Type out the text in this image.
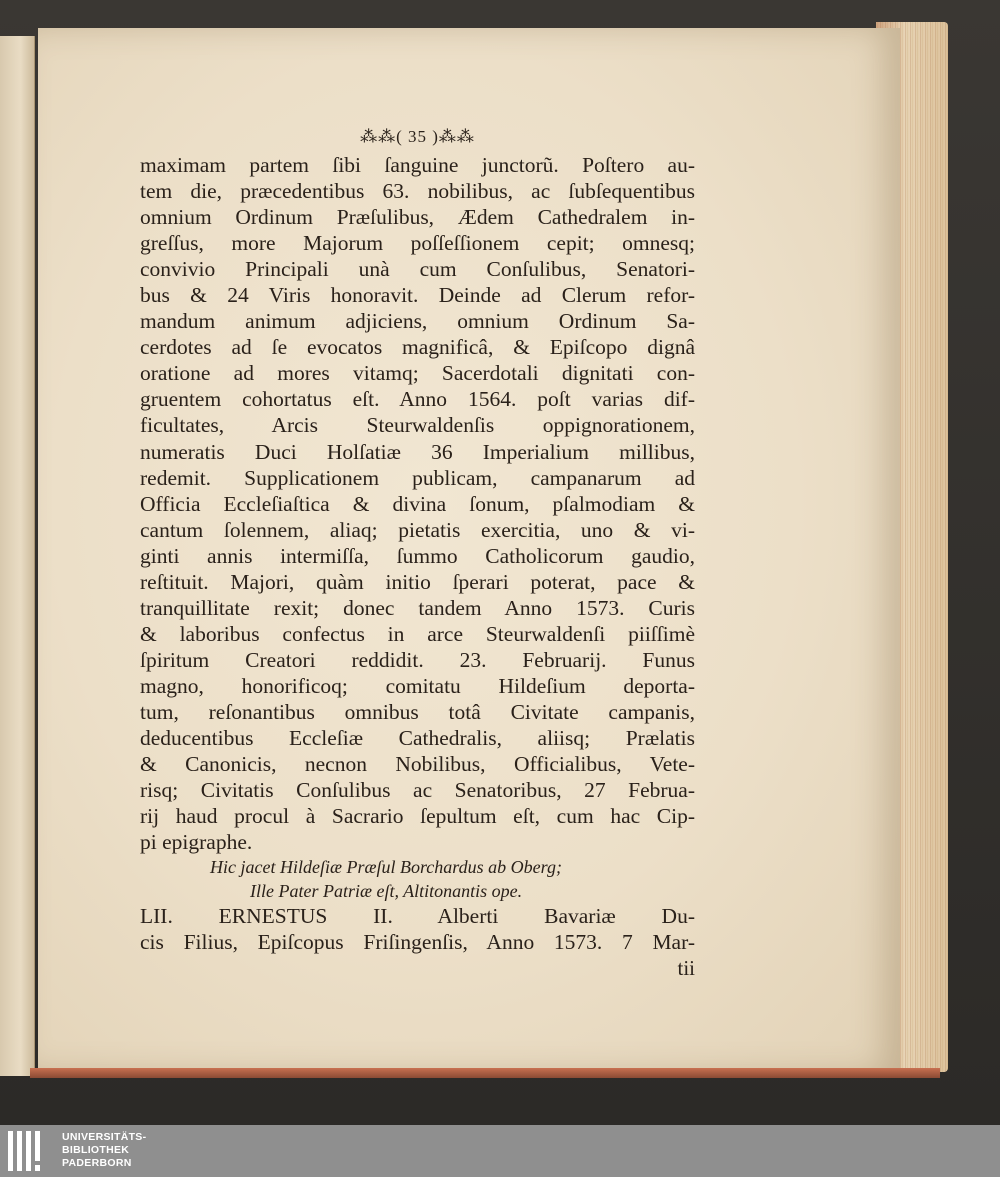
⁂⁂( 35 )⁂⁂
maximam partem ſibi ſanguine junctorũ. Poſtero au-
tem die, præcedentibus 63. nobilibus, ac ſubſequentibus
omnium Ordinum Præſulibus, Ædem Cathedralem in-
greſſus, more Majorum poſſeſſionem cepit; omnesq;
convivio Principali unà cum Conſulibus, Senatori-
bus & 24 Viris honoravit. Deinde ad Clerum refor-
mandum animum adjiciens, omnium Ordinum Sa-
cerdotes ad ſe evocatos magnificâ, & Epiſcopo dignâ
oratione ad mores vitamq; Sacerdotali dignitati con-
gruentem cohortatus eſt. Anno 1564. poſt varias dif-
ficultates, Arcis Steurwaldenſis oppignorationem,
numeratis Duci Holſatiæ 36 Imperialium millibus,
redemit. Supplicationem publicam, campanarum ad
Officia Eccleſiaſtica & divina ſonum, pſalmodiam &
cantum ſolennem, aliaq; pietatis exercitia, uno & vi-
ginti annis intermiſſa, ſummo Catholicorum gaudio,
reſtituit. Majori, quàm initio ſperari poterat, pace &
tranquillitate rexit; donec tandem Anno 1573. Curis
& laboribus confectus in arce Steurwaldenſi piiſſimè
ſpiritum Creatori reddidit. 23. Februarij. Funus
magno, honorificoq; comitatu Hildeſium deporta-
tum, reſonantibus omnibus totâ Civitate campanis,
deducentibus Eccleſiæ Cathedralis, aliisq; Prælatis
& Canonicis, necnon Nobilibus, Officialibus, Vete-
risq; Civitatis Conſulibus ac Senatoribus, 27 Februa-
rij haud procul à Sacrario ſepultum eſt, cum hac Cip-
pi epigraphe.
Hic jacet Hildeſiæ Præſul Borchardus ab Oberg;
Ille Pater Patriæ eſt, Altitonantis ope.
LII. ERNESTUS II. Alberti Bavariæ Du-
cis Filius, Epiſcopus Friſingenſis, Anno 1573. 7 Mar-
tii
UNIVERSITÄTS-
BIBLIOTHEK
PADERBORN
